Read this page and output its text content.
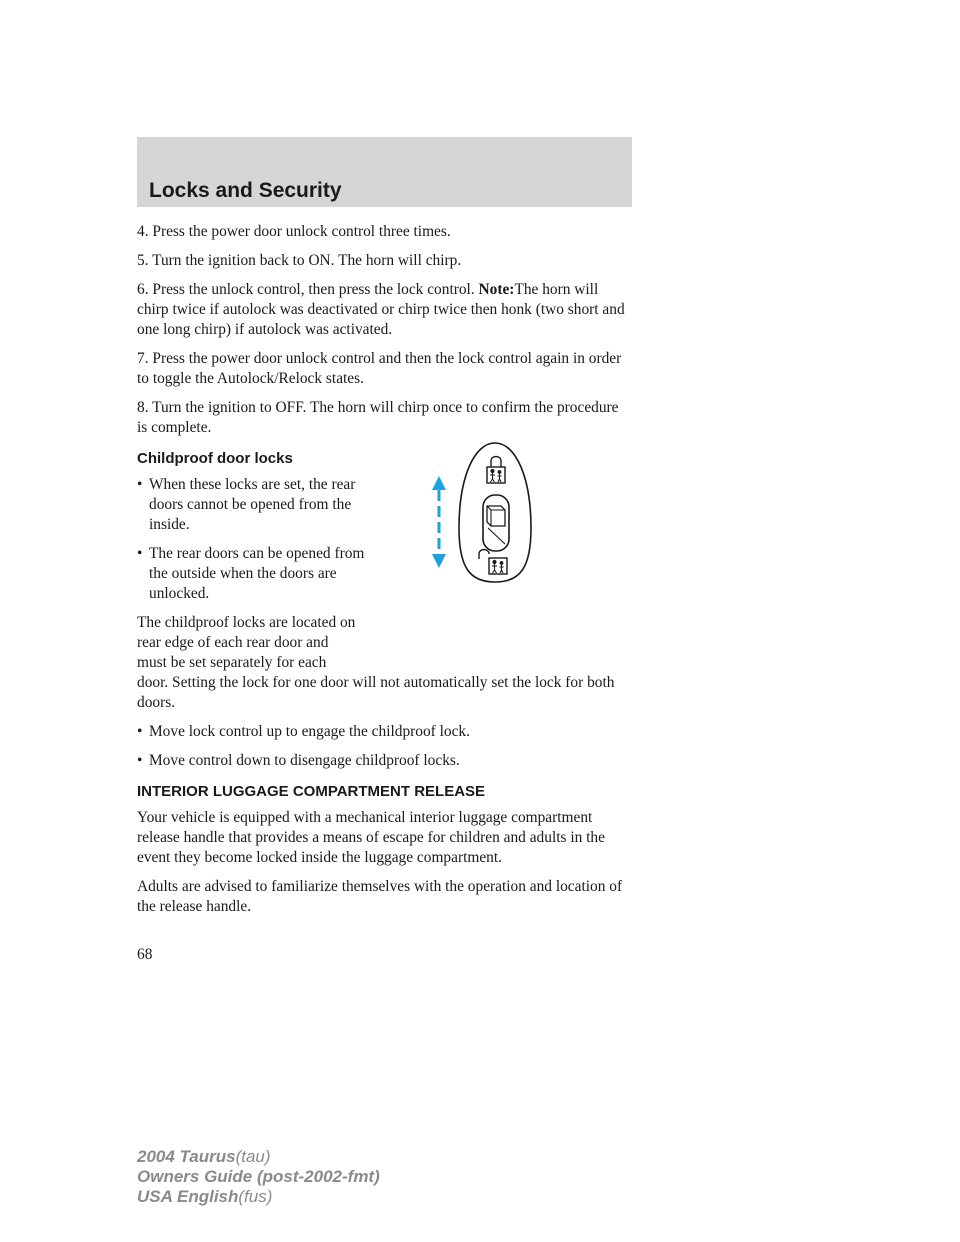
Locks and Security

4. Press the power door unlock control three times.

5. Turn the ignition back to ON. The horn will chirp.

6. Press the unlock control, then press the lock control. Note:The horn will chirp twice if autolock was deactivated or chirp twice then honk (two short and one long chirp) if autolock was activated.

7. Press the power door unlock control and then the lock control again in order to toggle the Autolock/Relock states.

8. Turn the ignition to OFF. The horn will chirp once to confirm the procedure is complete.

Childproof door locks
• When these locks are set, the rear doors cannot be opened from the inside.
• The rear doors can be opened from the outside when the doors are unlocked.

The childproof locks are located on
rear edge of each rear door and
must be set separately for each
door. Setting the lock for one door will not automatically set the lock for both doors.

• Move lock control up to engage the childproof lock.
• Move control down to disengage childproof locks.
INTERIOR LUGGAGE COMPARTMENT RELEASE

Your vehicle is equipped with a mechanical interior luggage compartment release handle that provides a means of escape for children and adults in the event they become locked inside the luggage compartment.

Adults are advised to familiarize themselves with the operation and location of the release handle.

68

2004 Taurus(tau)
Owners Guide (post-2002-fmt)
USA English(fus)
